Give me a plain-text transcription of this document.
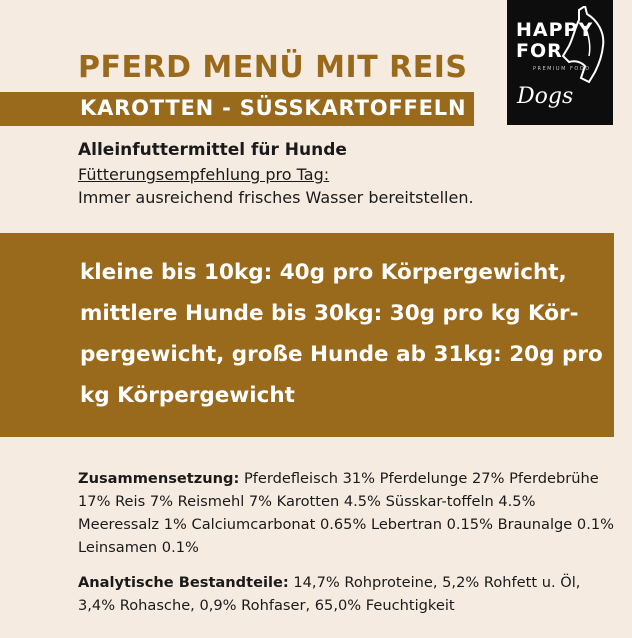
PFERD MENÜ MIT REIS
KAROTTEN - SÜSSKARTOFFELN
HAPPY
FOR
PREMIUM FOOD
Dogs
Alleinfuttermittel für Hunde
Fütterungsempfehlung pro Tag:
Immer ausreichend frisches Wasser bereitstellen.
kleine bis 10kg: 40g pro Körpergewicht, mittlere Hunde bis 30kg: 30g pro kg Kör-pergewicht, große Hunde ab 31kg: 20g pro kg Körpergewicht
Zusammensetzung: Pferdefleisch 31% Pferdelunge 27% Pferdebrühe 17% Reis 7% Reismehl 7% Karotten 4.5% Süsskar-toffeln 4.5% Meeressalz 1% Calciumcarbonat 0.65% Lebertran 0.15% Braunalge 0.1% Leinsamen 0.1%
Analytische Bestandteile: 14,7% Rohproteine, 5,2% Rohfett u. Öl, 3,4% Rohasche, 0,9% Rohfaser, 65,0% Feuchtigkeit
